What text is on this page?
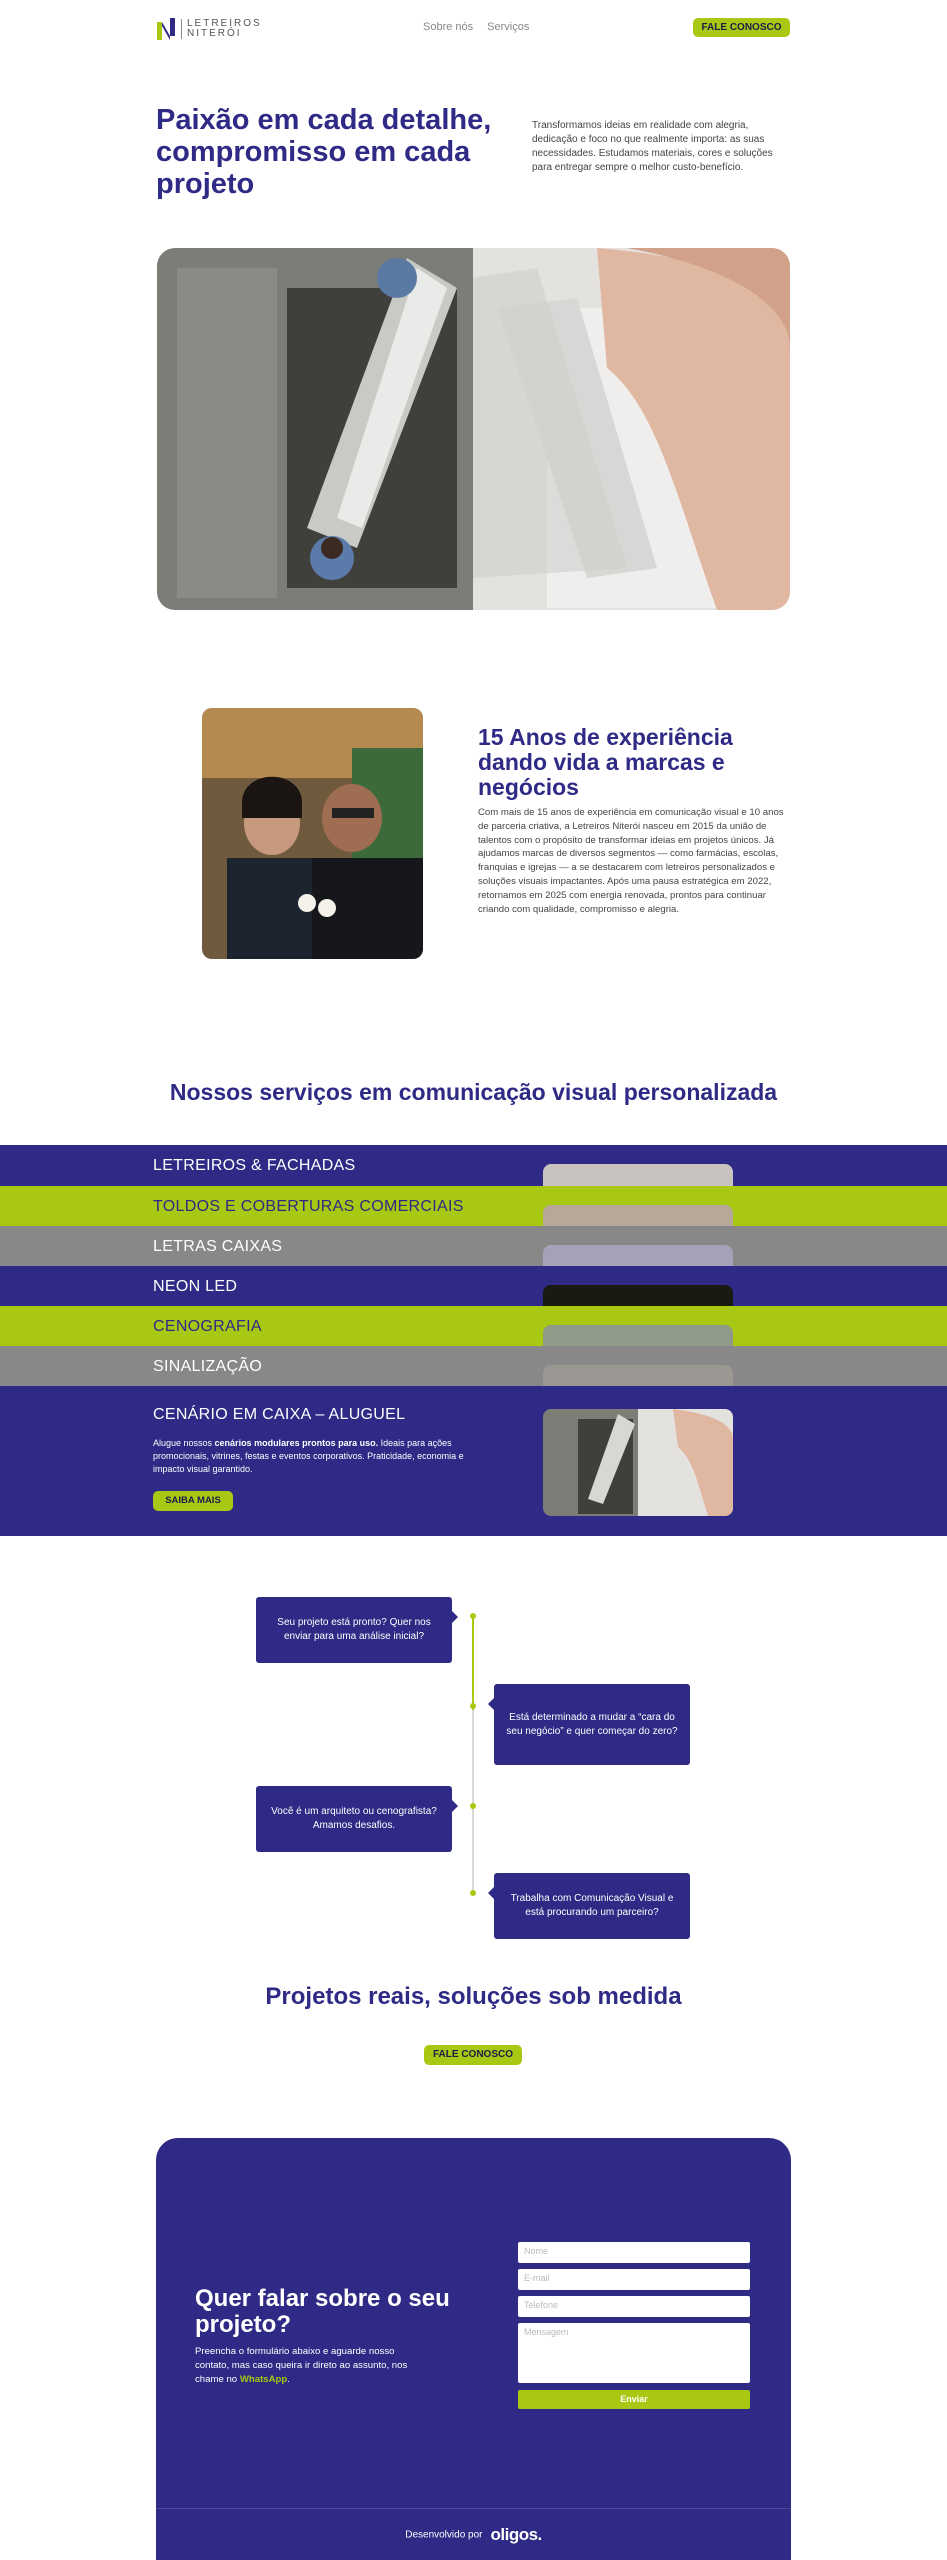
LETREIROS
NITERÓI
Sobre nós Serviços	FALE CONOSCO
Paixão em cada detalhe, compromisso em cada projeto

Transformamos ideias em realidade com alegria, dedicação e foco no que realmente importa: as suas necessidades. Estudamos materiais, cores e soluções para entregar sempre o melhor custo-benefício.

15 Anos de experiência dando vida a marcas e negócios

Com mais de 15 anos de experiência em comunicação visual e 10 anos de parceria criativa, a Letreiros Niterói nasceu em 2015 da união de talentos com o propósito de transformar ideias em projetos únicos. Já ajudamos marcas de diversos segmentos — como farmácias, escolas, franquias e igrejas — a se destacarem com letreiros personalizados e soluções visuais impactantes. Após uma pausa estratégica em 2022, retornamos em 2025 com energia renovada, prontos para continuar criando com qualidade, compromisso e alegria.

Nossos serviços em comunicação visual personalizada
LETREIROS & FACHADAS
TOLDOS E COBERTURAS COMERCIAIS
LETRAS CAIXAS
NEON LED
CENOGRAFIA
SINALIZAÇÃO
CENÁRIO EM CAIXA – ALUGUEL

Alugue nossos cenários modulares prontos para uso. Ideais para ações promocionais, vitrines, festas e eventos corporativos. Praticidade, economia e impacto visual garantido.

SAIBA MAIS
Seu projeto está pronto? Quer nos enviar para uma análise inicial?
Está determinado a mudar a “cara do seu negócio” e quer começar do zero?
Você é um arquiteto ou cenografista? Amamos desafios.
Trabalha com Comunicação Visual e está procurando um parceiro?
Projetos reais, soluções sob medida
FALE CONOSCO
Quer falar sobre o seu projeto?

Preencha o formulário abaixo e aguarde nosso contato, mas caso queira ir direto ao assunto, nos chame no WhatsApp.

Nome
E-mail
Telefone
Mensagem
Enviar
Desenvolvido por oligos.
